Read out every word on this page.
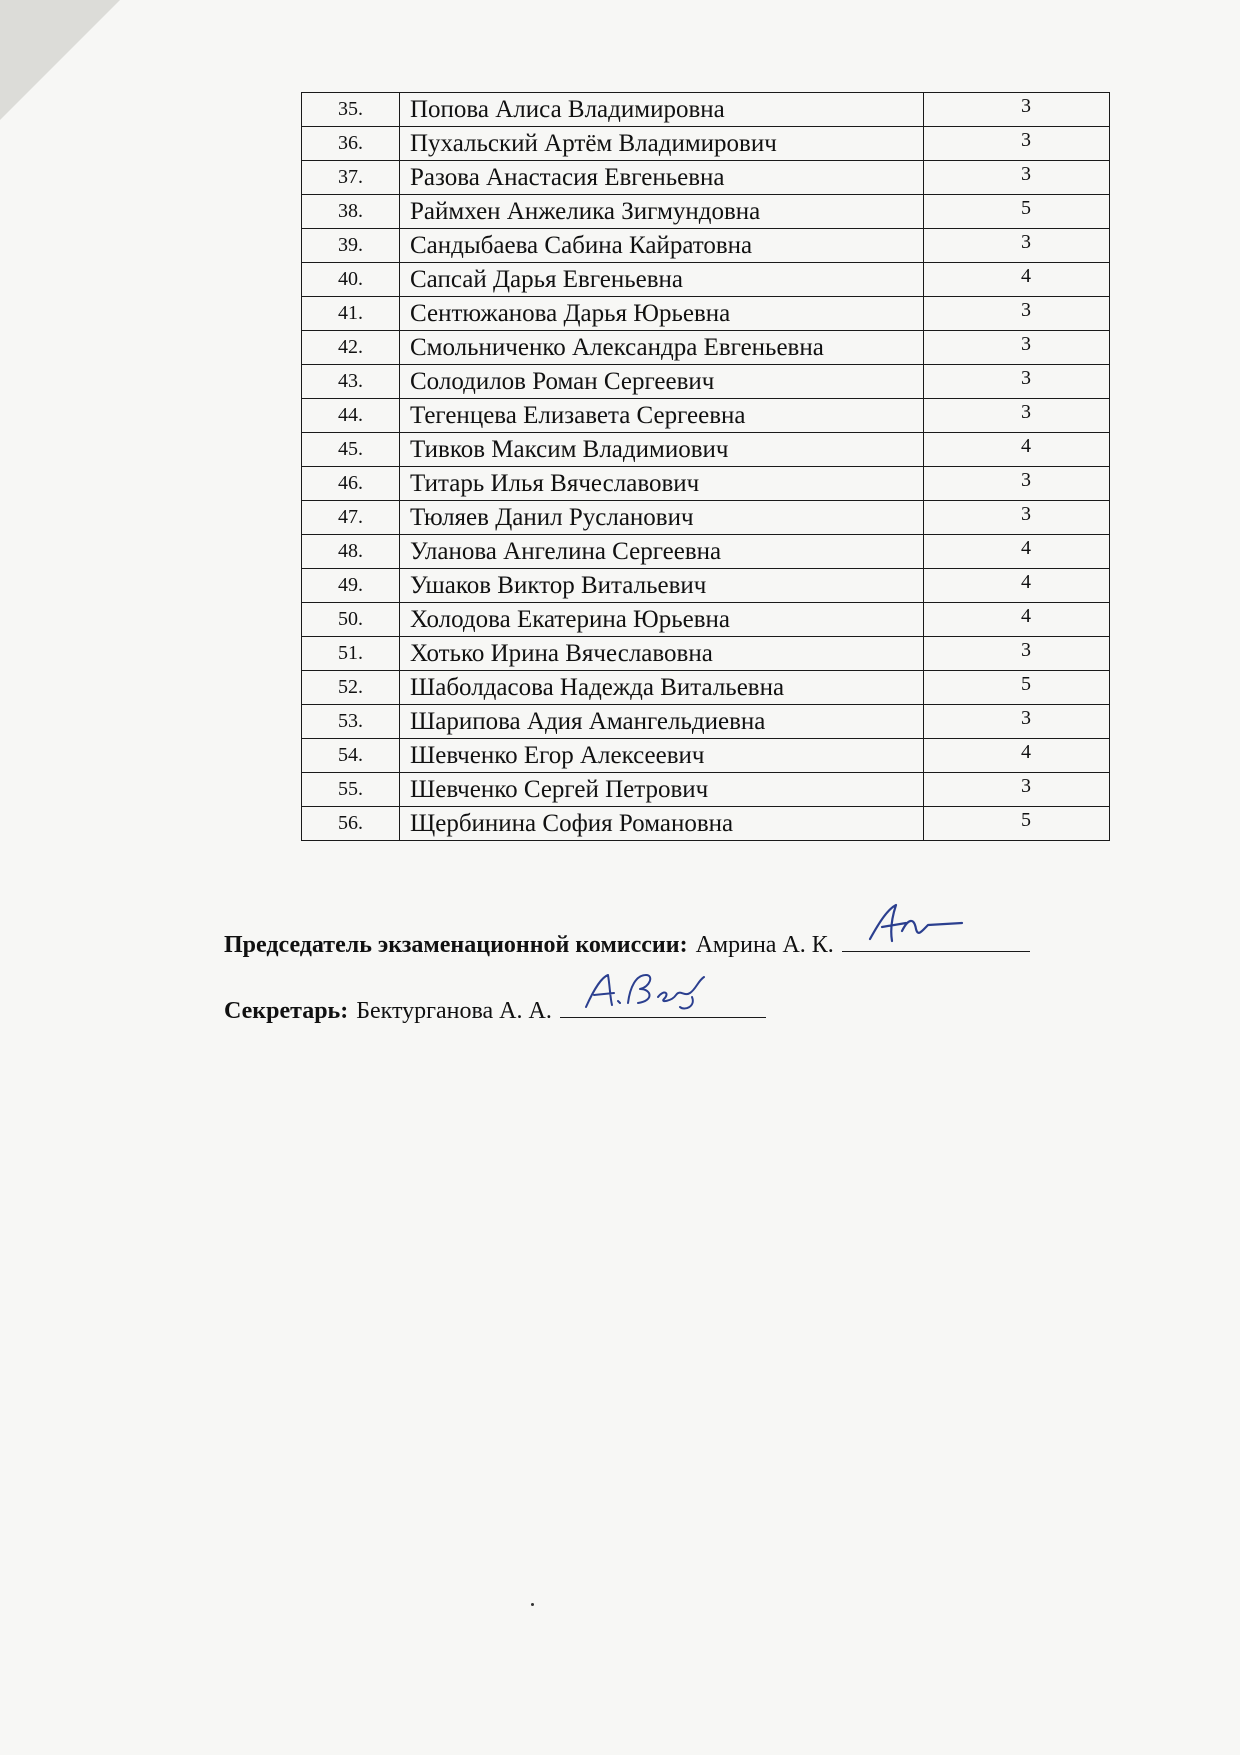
35.	Попова Алиса Владимировна	3
36.	Пухальский Артём Владимирович	3
37.	Разова Анастасия Евгеньевна	3
38.	Раймхен Анжелика Зигмундовна	5
39.	Сандыбаева Сабина Кайратовна	3
40.	Сапсай Дарья Евгеньевна	4
41.	Сентюжанова Дарья Юрьевна	3
42.	Смольниченко Александра Евгеньевна	3
43.	Солодилов Роман Сергеевич	3
44.	Тегенцева Елизавета Сергеевна	3
45.	Тивков Максим Владимиович	4
46.	Титарь Илья Вячеславович	3
47.	Тюляев Данил Русланович	3
48.	Уланова Ангелина Сергеевна	4
49.	Ушаков Виктор Витальевич	4
50.	Холодова Екатерина Юрьевна	4
51.	Хотько Ирина Вячеславовна	3
52.	Шаболдасова Надежда Витальевна	5
53.	Шарипова Адия Амангельдиевна	3
54.	Шевченко Егор Алексеевич	4
55.	Шевченко Сергей Петрович	3
56.	Щербинина София Романовна	5
Председатель экзаменационной комиссии: Амрина А. К.
Секретарь: Бектурганова А. А.
